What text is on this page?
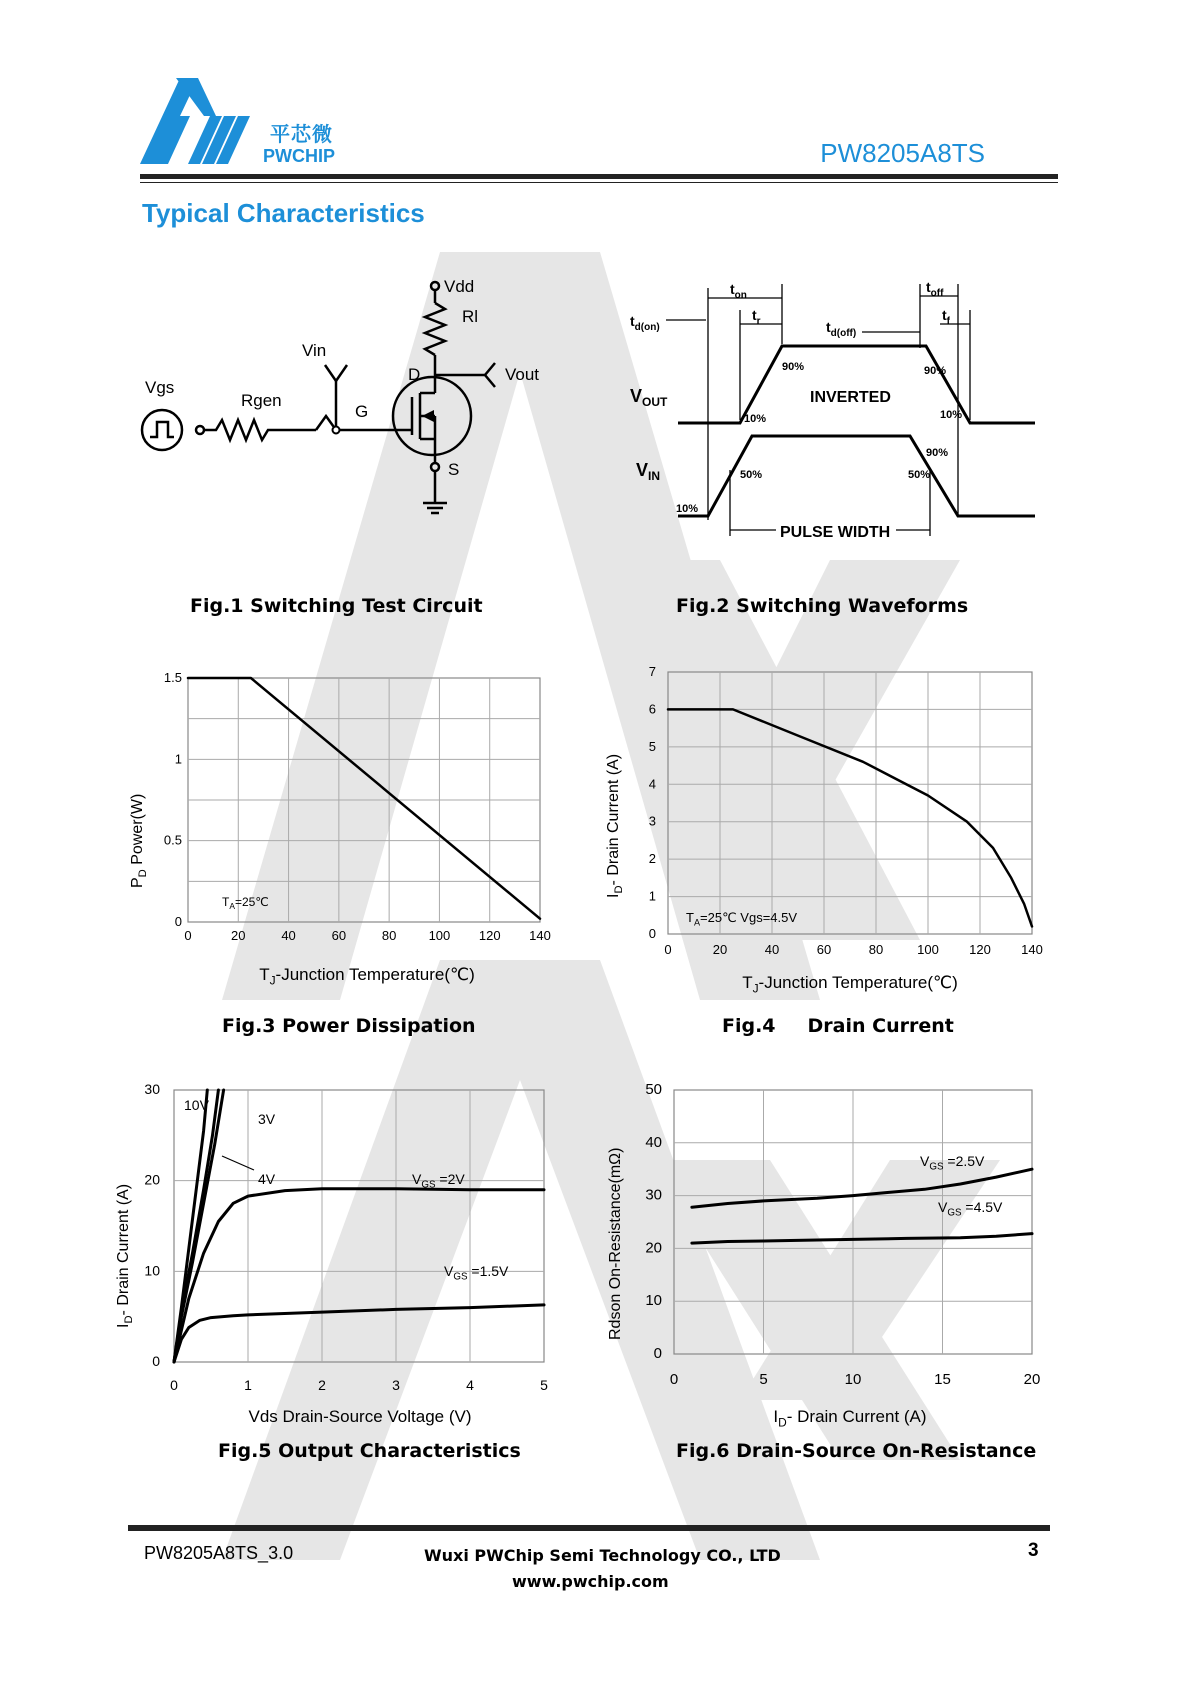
平芯微
PWCHIP	PW8205A8TS
Typical Characteristics
Vdd
Rl
Vin
Vout
D
G
S
Vgs
Rgen
Fig.1 Switching Test Circuit
$t_{on}$
$t_r$
$t_{off}$
$t_f$
$t_{d(on)}$	$t_{d(off)}$
$V_{OUT}$
$V_{IN}$
INVERTED
PULSE WIDTH
90%	90%
10%	10%
90%
50%	50%
10%
Fig.2 Switching Waveforms
0	20	40	60	80 100 120 140
0
0.5
1
1.5
$T_J$-Junction Temperature(℃)
$P_D$ Power(W)
$T_A=25℃$
Fig.3 Power Dissipation
0	20	40	60	80	100 120 140
0
1
2
3
4
5
6
7
$T_J$-Junction Temperature(℃)
$I_D-$ Drain Current (A)
$T_A=25℃$ Vgs=4.5V
Fig.4 Drain Current
0	1	2	3	4	5
0
10
20
30
Vds Drain-Source Voltage (V)
$I_D-$ Drain Current (A)
10V
3V
4V	$V_{GS} =2V$
$V_{GS} =1.5V$
Fig.5 Output Characteristics
0	5	10	15	20
0
10
20
30
40
50
$I_D-$ Drain Current (A)
Rdson On-Resistance(mΩ)	$V_{GS} =2.5V$
$V_{GS} =4.5V$
Fig.6 Drain-Source On-Resistance
PW8205A8TS_3.0	Wuxi PWChip Semi Technology CO., LTD
www.pwchip.com
3
